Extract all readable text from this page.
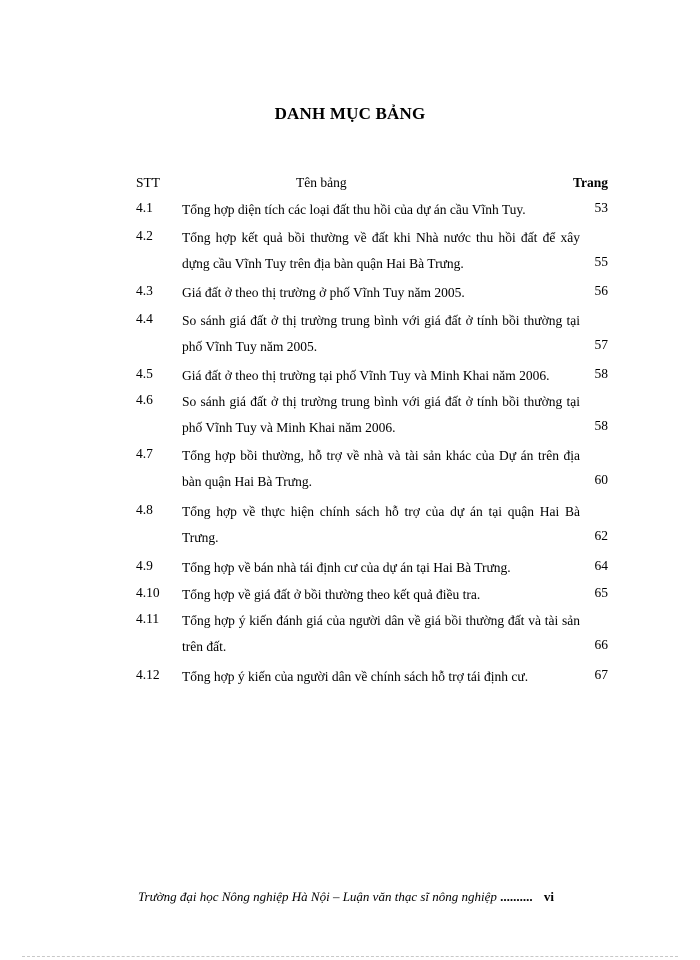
DANH MỤC BẢNG
STT	Tên bảng	Trang
4.1 Tổng hợp diện tích các loại đất thu hồi của dự án cầu Vĩnh Tuy.	53
4.2 Tổng hợp kết quả bồi thường về đất khi Nhà nước thu hồi đất để xây dựng cầu Vĩnh Tuy trên địa bàn quận Hai Bà Trưng.	55
4.3 Giá đất ở theo thị trường ở phố Vĩnh Tuy năm 2005.	56
4.4 So sánh giá đất ở thị trường trung bình với giá đất ở tính bồi thường tại phố Vĩnh Tuy năm 2005.	57
4.5 Giá đất ở theo thị trường tại phố Vĩnh Tuy và Minh Khai năm 2006.	58
4.6 So sánh giá đất ở thị trường trung bình với giá đất ở tính bồi thường tại phố Vĩnh Tuy và Minh Khai năm 2006.	58
4.7 Tổng hợp bồi thường, hỗ trợ về nhà và tài sản khác của Dự án trên địa bàn quận Hai Bà Trưng.	60
4.8 Tổng hợp về thực hiện chính sách hỗ trợ của dự án tại quận Hai Bà Trưng.	62
4.9 Tổng hợp về bán nhà tái định cư của dự án tại Hai Bà Trưng.	64
4.10 Tổng hợp về giá đất ở bồi thường theo kết quả điều tra.	65
4.11 Tổng hợp ý kiến đánh giá của người dân về giá bồi thường đất và tài sản trên đất.	66
4.12 Tổng hợp ý kiến của người dân về chính sách hỗ trợ tái định cư.	67
Trường đại học Nông nghiệp Hà Nội – Luận văn thạc sĩ nông nghiệp .......... vi
